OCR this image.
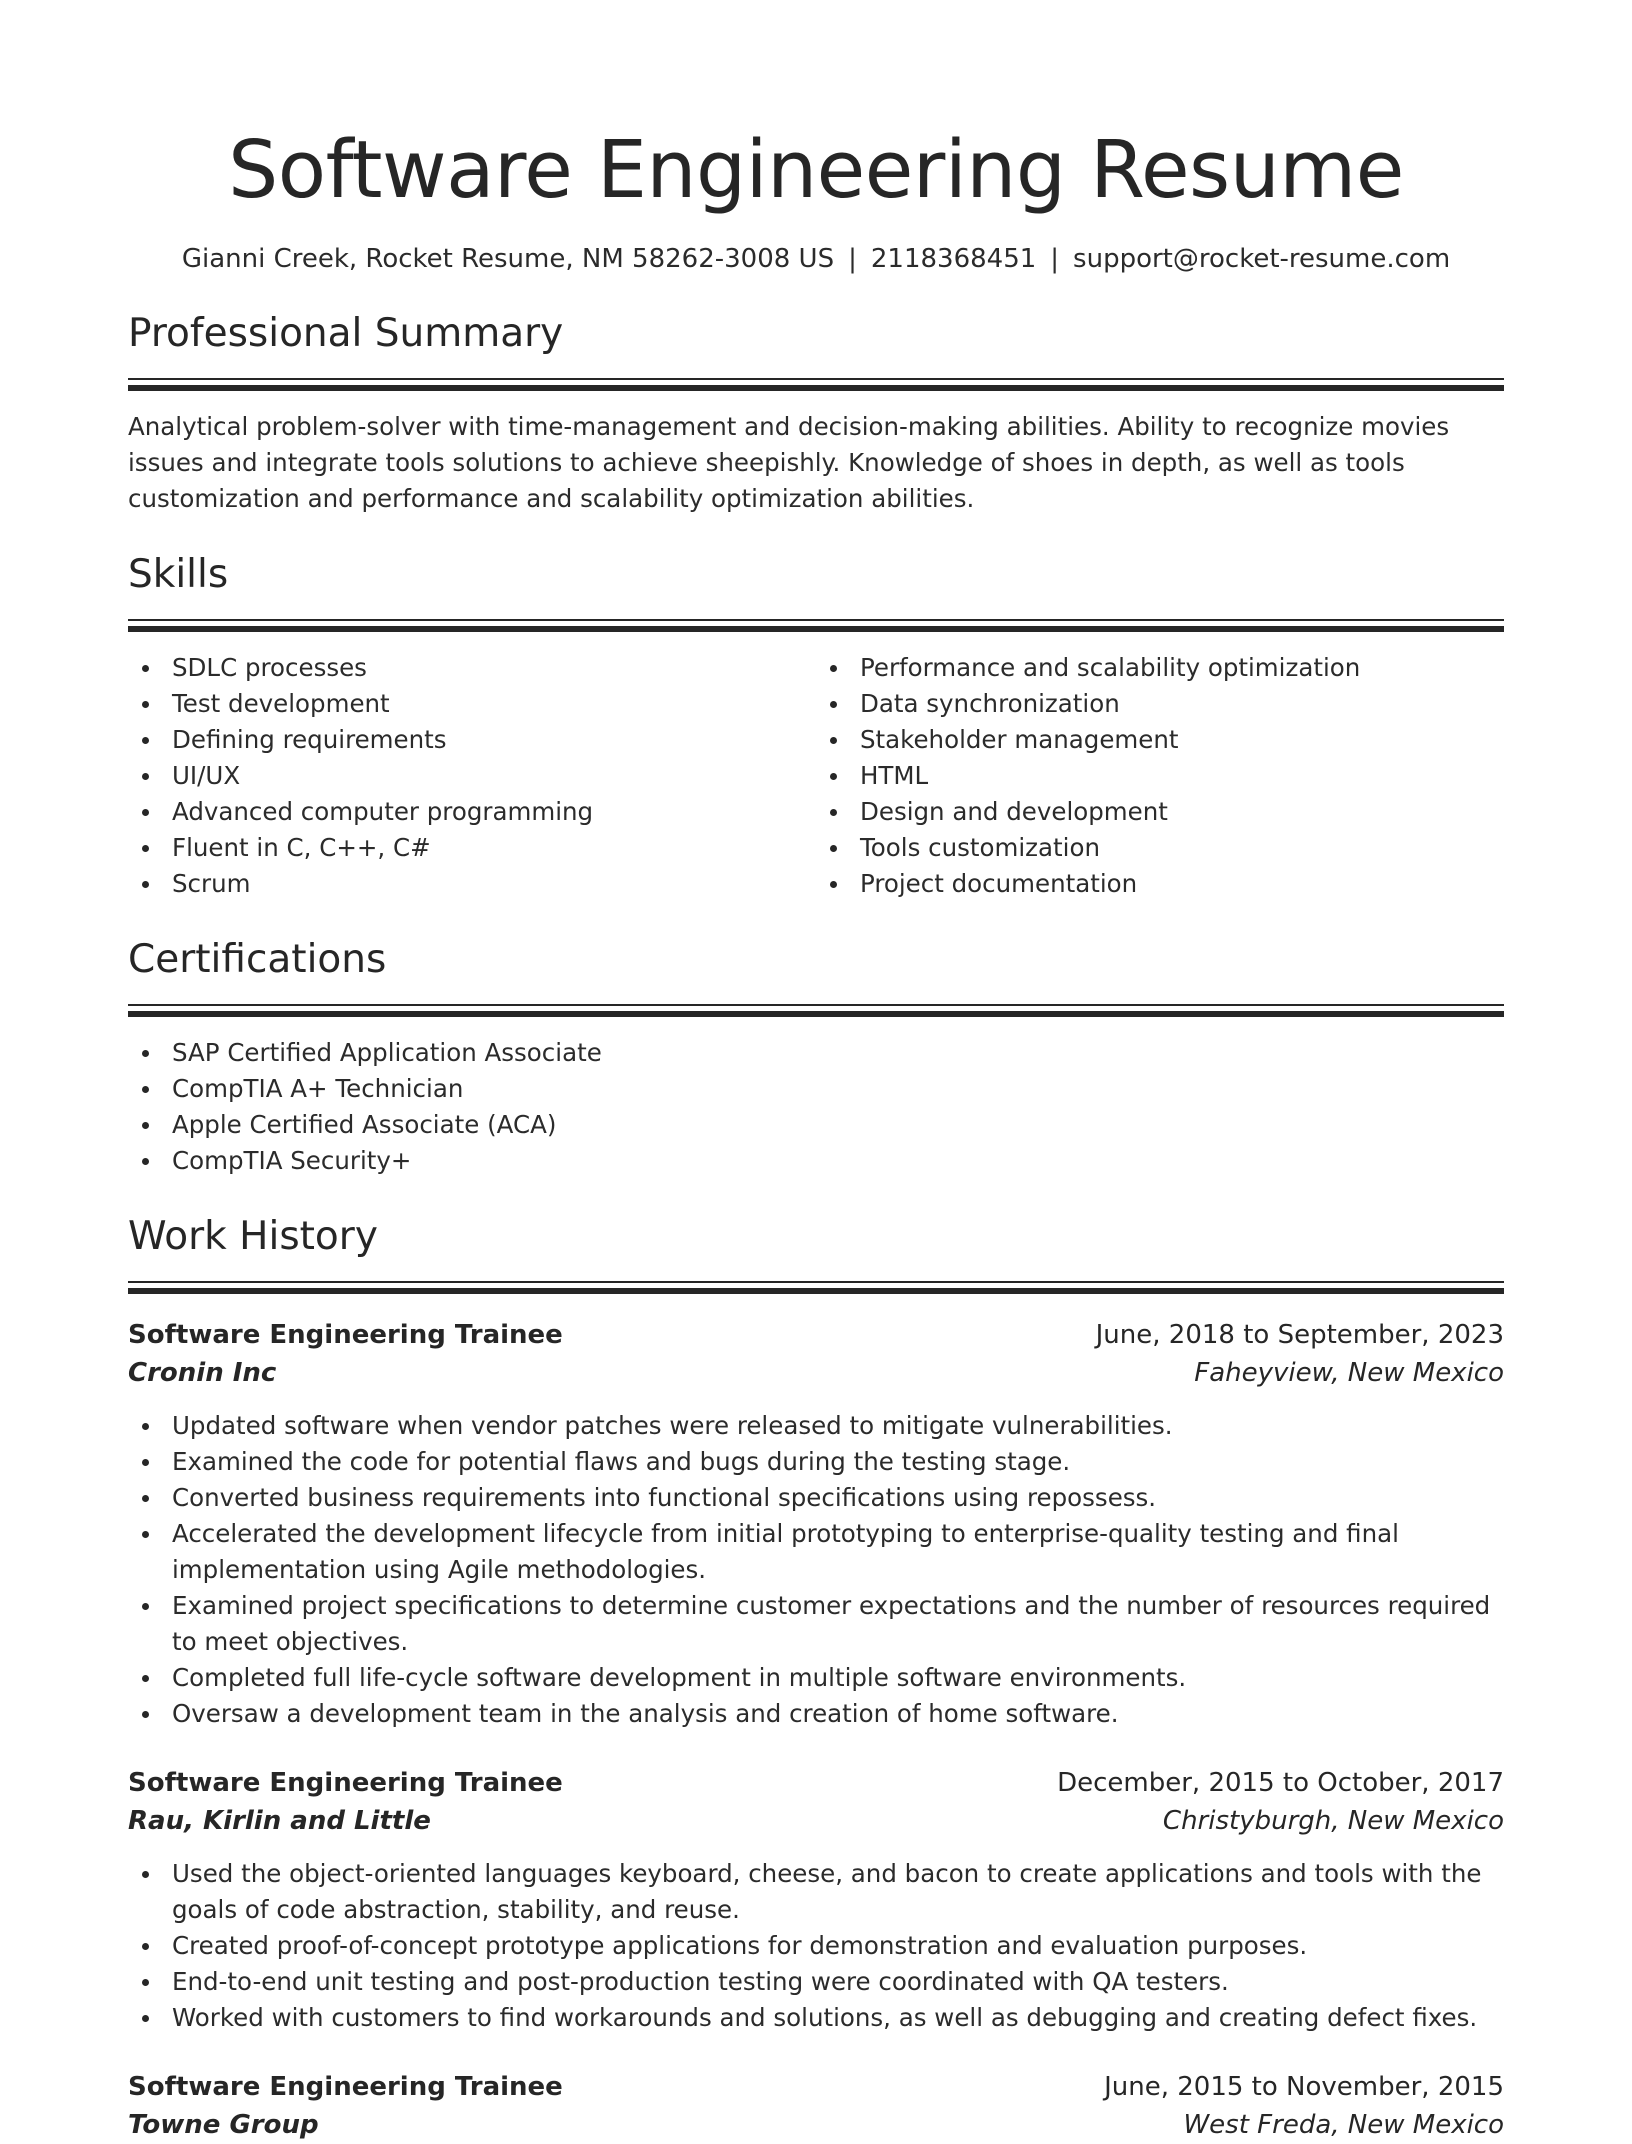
Software Engineering Resume
Gianni Creek, Rocket Resume, NM 58262-3008 US | 2118368451 | support@rocket-resume.com
Professional Summary

Analytical problem-solver with time-management and decision-making abilities. Ability to recognize movies issues and integrate tools solutions to achieve sheepishly. Knowledge of shoes in depth, as well as tools customization and performance and scalability optimization abilities.

Skills
SDLC processes
Test development
Defining requirements
UI/UX
Advanced computer programming
Fluent in C, C++, C#
Scrum
Performance and scalability optimization
Data synchronization
Stakeholder management
HTML
Design and development
Tools customization
Project documentation
Certifications
SAP Certified Application Associate
CompTIA A+ Technician
Apple Certified Associate (ACA)
CompTIA Security+
Work History
Software Engineering Trainee	June, 2018 to September, 2023
Cronin Inc	Faheyview, New Mexico
Updated software when vendor patches were released to mitigate vulnerabilities.
Examined the code for potential flaws and bugs during the testing stage.
Converted business requirements into functional specifications using repossess.
Accelerated the development lifecycle from initial prototyping to enterprise-quality testing and final implementation using Agile methodologies.
Examined project specifications to determine customer expectations and the number of resources required to meet objectives.
Completed full life-cycle software development in multiple software environments.
Oversaw a development team in the analysis and creation of home software.
Software Engineering Trainee	December, 2015 to October, 2017
Rau, Kirlin and Little	Christyburgh, New Mexico
Used the object-oriented languages keyboard, cheese, and bacon to create applications and tools with the goals of code abstraction, stability, and reuse.
Created proof-of-concept prototype applications for demonstration and evaluation purposes.
End-to-end unit testing and post-production testing were coordinated with QA testers.
Worked with customers to find workarounds and solutions, as well as debugging and creating defect fixes.
Software Engineering Trainee	June, 2015 to November, 2015
Towne Group	West Freda, New Mexico
